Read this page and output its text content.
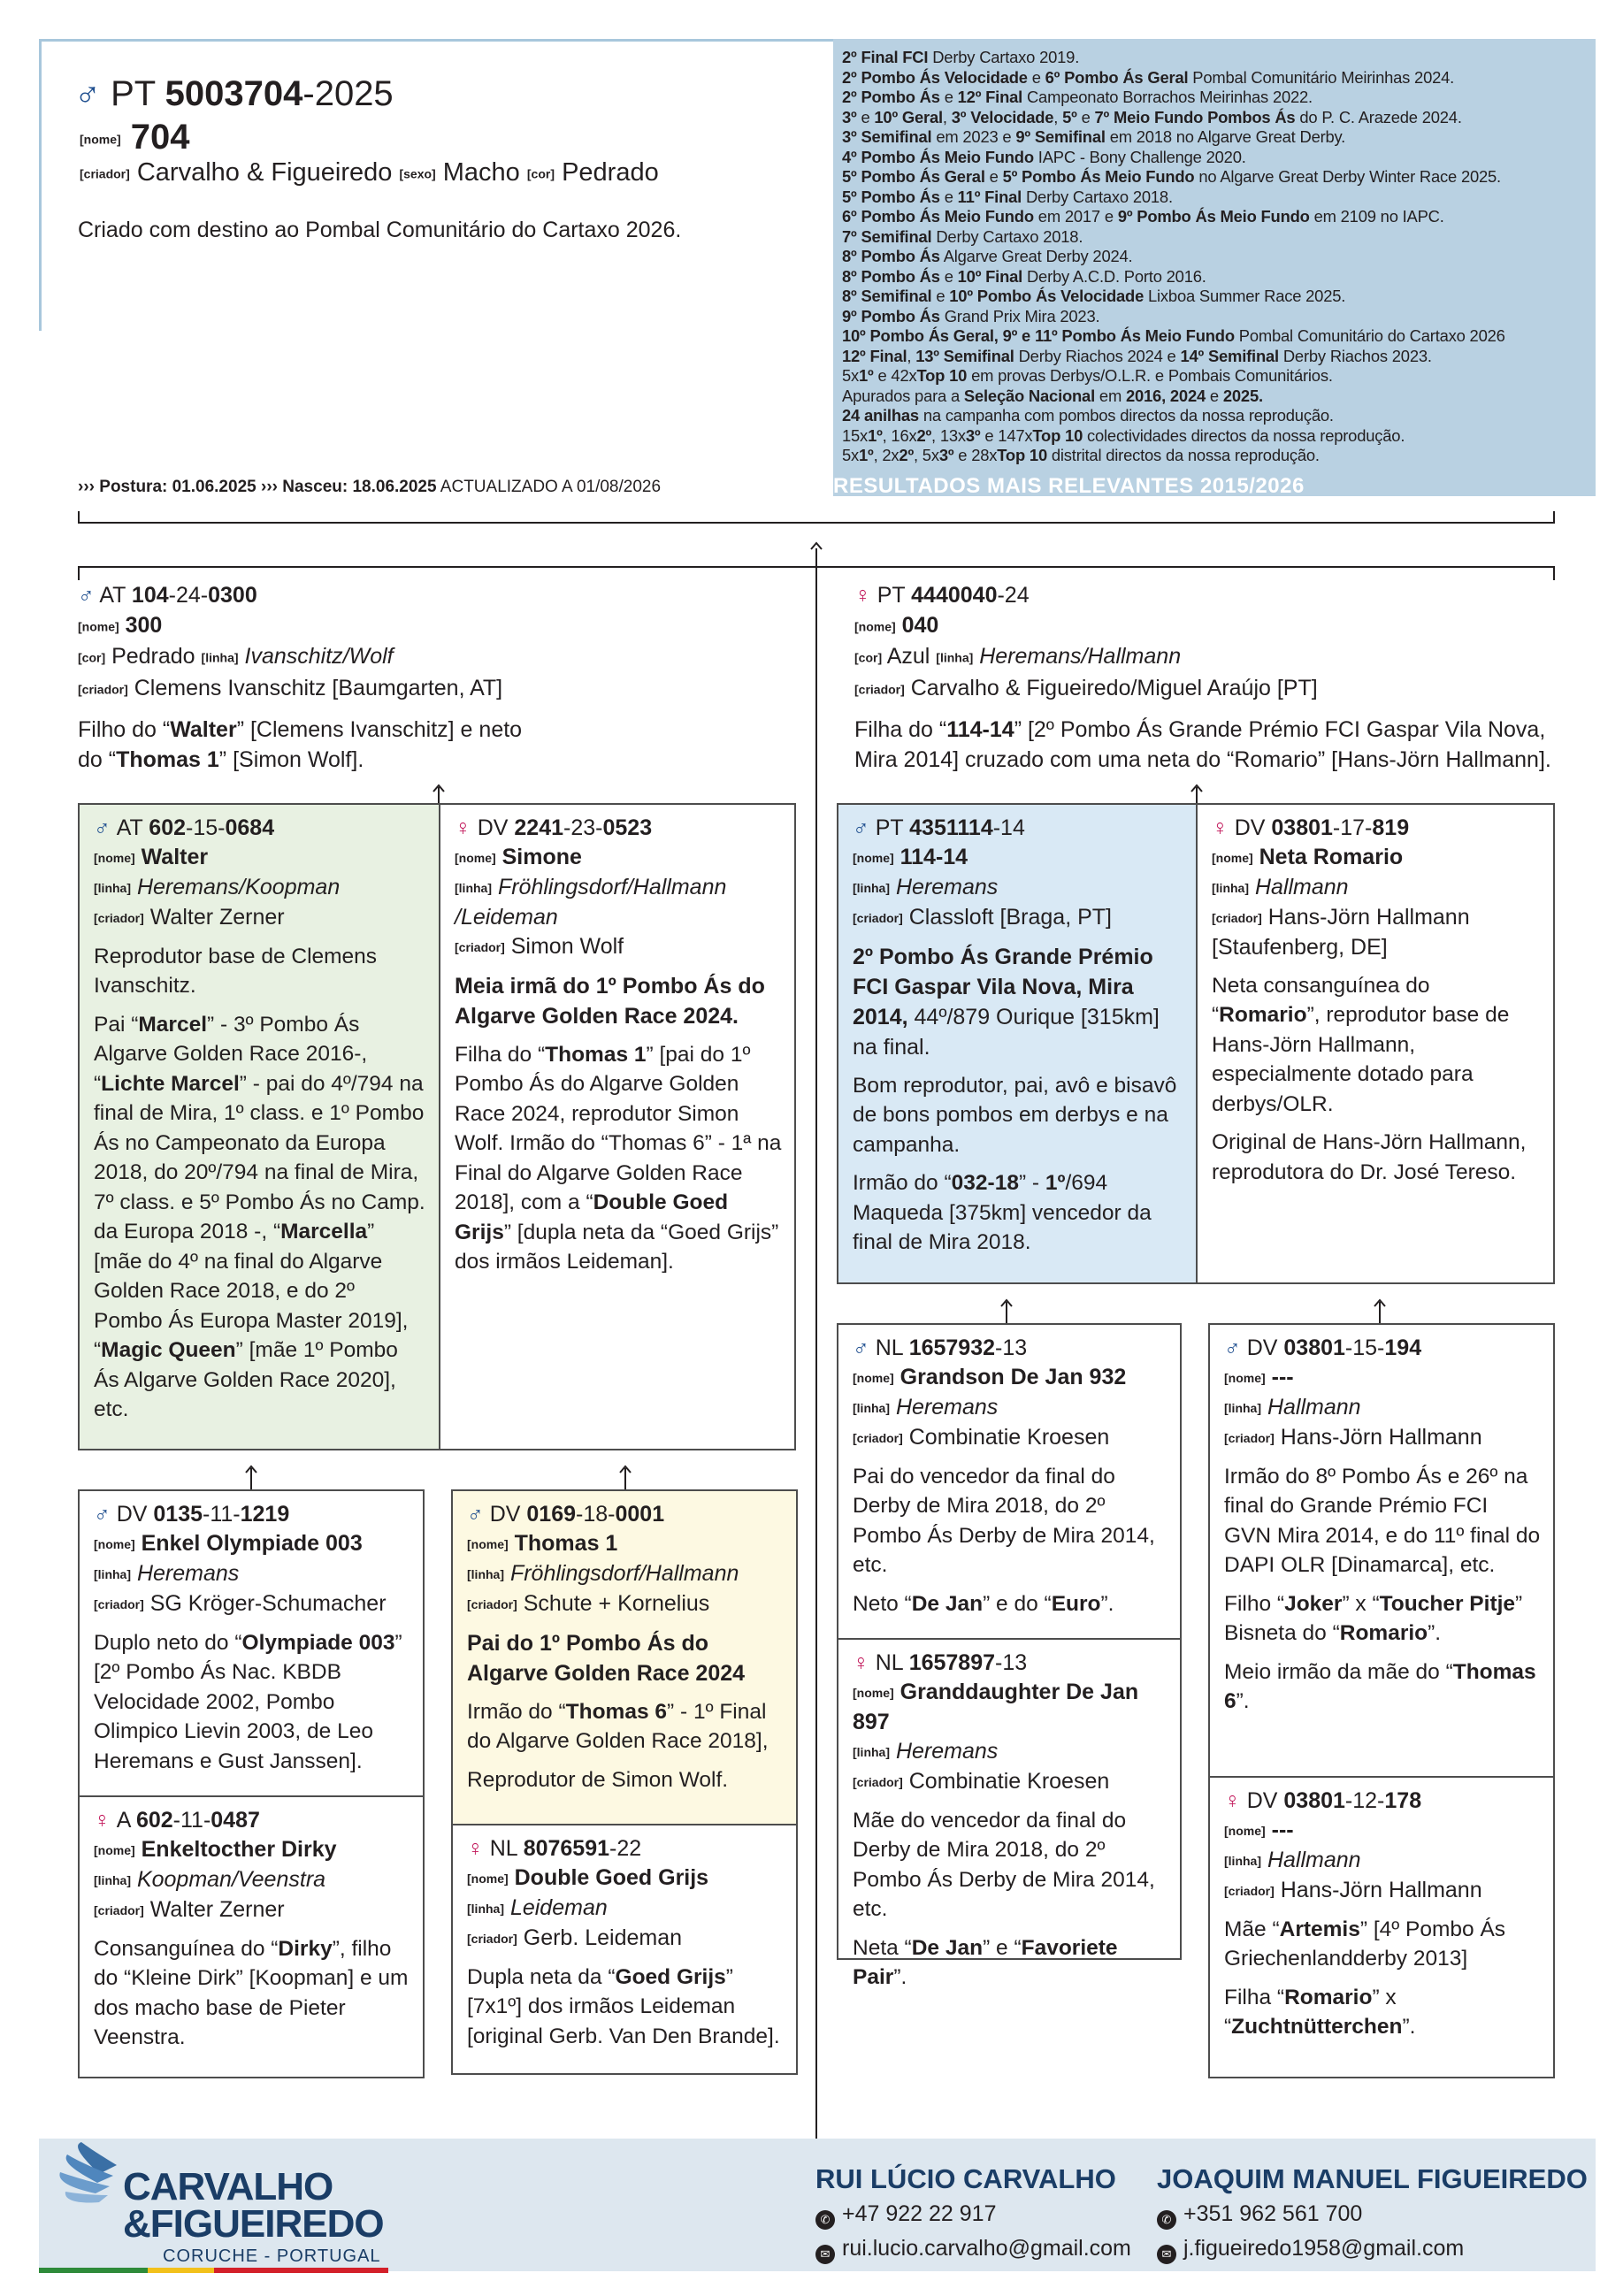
♂ PT 5003704-2025
[nome] 704
[criador] Carvalho & Figueiredo [sexo] Macho [cor] Pedrado
Criado com destino ao Pombal Comunitário do Cartaxo 2026.
››› Postura: 01.06.2025 ››› Nasceu: 18.06.2025 ACTUALIZADO A 01/08/2026
2º Final FCI Derby Cartaxo 2019.
2º Pombo Ás Velocidade e 6º Pombo Ás Geral Pombal Comunitário Meirinhas 2024.
2º Pombo Ás e 12º Final Campeonato Borrachos Meirinhas 2022.
3º e 10º Geral, 3º Velocidade, 5º e 7º Meio Fundo Pombos Ás do P. C. Arazede 2024.
3º Semifinal em 2023 e 9º Semifinal em 2018 no Algarve Great Derby.
4º Pombo Ás Meio Fundo IAPC - Bony Challenge 2020.
5º Pombo Ás Geral e 5º Pombo Ás Meio Fundo no Algarve Great Derby Winter Race 2025.
5º Pombo Ás e 11º Final Derby Cartaxo 2018.
6º Pombo Ás Meio Fundo em 2017 e 9º Pombo Ás Meio Fundo em 2109 no IAPC.
7º Semifinal Derby Cartaxo 2018.
8º Pombo Ás Algarve Great Derby 2024.
8º Pombo Ás e 10º Final Derby A.C.D. Porto 2016.
8º Semifinal e 10º Pombo Ás Velocidade Lixboa Summer Race 2025.
9º Pombo Ás Grand Prix Mira 2023.
10º Pombo Ás Geral, 9º e 11º Pombo Ás Meio Fundo Pombal Comunitário do Cartaxo 2026
12º Final, 13º Semifinal Derby Riachos 2024 e 14º Semifinal Derby Riachos 2023.
5x1º e 42xTop 10 em provas Derbys/O.L.R. e Pombais Comunitários.
Apurados para a Seleção Nacional em 2016, 2024 e 2025.
24 anilhas na campanha com pombos directos da nossa reprodução.
15x1º, 16x2º, 13x3º e 147xTop 10 colectividades directos da nossa reprodução.
5x1º, 2x2º, 5x3º e 28xTop 10 distrital directos da nossa reprodução.
RESULTADOS MAIS RELEVANTES 2015/2026
♂ AT 104-24-0300
[nome] 300
[cor] Pedrado [linha] Ivanschitz/Wolf
[criador] Clemens Ivanschitz [Baumgarten, AT]
Filho do “Walter” [Clemens Ivanschitz] e neto
do “Thomas 1” [Simon Wolf].
♀ PT 4440040-24
[nome] 040
[cor] Azul [linha] Heremans/Hallmann
[criador] Carvalho & Figueiredo/Miguel Araújo [PT]
Filha do “114-14” [2º Pombo Ás Grande Prémio FCI Gaspar Vila Nova,
Mira 2014] cruzado com uma neta do “Romario” [Hans-Jörn Hallmann].
♂ AT 602-15-0684
[nome] Walter
[linha] Heremans/Koopman
[criador] Walter Zerner
Reprodutor base de Clemens Ivanschitz.
Pai “Marcel” - 3º Pombo Ás Algarve Golden Race 2016-, “Lichte Marcel” - pai do 4º/794 na final de Mira, 1º class. e 1º Pombo Ás no Campeonato da Europa 2018, do 20º/794 na final de Mira, 7º class. e 5º Pombo Ás no Camp. da Europa 2018 -, “Marcella” [mãe do 4º na final do Algarve Golden Race 2018, e do 2º Pombo Ás Europa Master 2019], “Magic Queen” [mãe 1º Pombo Ás Algarve Golden Race 2020], etc.
♀ DV 2241-23-0523
[nome] Simone
[linha] Fröhlingsdorf/Hallmann /Leideman
[criador] Simon Wolf
Meia irmã do 1º Pombo Ás do Algarve Golden Race 2024.
Filha do “Thomas 1” [pai do 1º Pombo Ás do Algarve Golden Race 2024, reprodutor Simon Wolf. Irmão do “Thomas 6” - 1ª na Final do Algarve Golden Race 2018], com a “Double Goed Grijs” [dupla neta da “Goed Grijs” dos irmãos Leideman].
♂ PT 4351114-14
[nome] 114-14
[linha] Heremans
[criador] Classloft [Braga, PT]
2º Pombo Ás Grande Prémio FCI Gaspar Vila Nova, Mira 2014, 44º/879 Ourique [315km] na final.
Bom reprodutor, pai, avô e bisavô de bons pombos em derbys e na campanha.
Irmão do “032-18” - 1º/694 Maqueda [375km] vencedor da final de Mira 2018.
♀ DV 03801-17-819
[nome] Neta Romario
[linha] Hallmann
[criador] Hans-Jörn Hallmann [Staufenberg, DE]
Neta consanguínea do “Romario”, reprodutor base de Hans-Jörn Hallmann, especialmente dotado para derbys/OLR.
Original de Hans-Jörn Hallmann, reprodutora do Dr. José Tereso.
♂ DV 0135-11-1219
[nome] Enkel Olympiade 003
[linha] Heremans
[criador] SG Kröger-Schumacher
Duplo neto do “Olympiade 003” [2º Pombo Ás Nac. KBDB Velocidade 2002, Pombo Olimpico Lievin 2003, de Leo Heremans e Gust Janssen].
♀ A 602-11-0487
[nome] Enkeltocther Dirky
[linha] Koopman/Veenstra
[criador] Walter Zerner
Consanguínea do “Dirky”, filho do “Kleine Dirk” [Koopman] e um dos macho base de Pieter Veenstra.
♂ DV 0169-18-0001
[nome] Thomas 1
[linha] Fröhlingsdorf/Hallmann
[criador] Schute + Kornelius
Pai do 1º Pombo Ás do Algarve Golden Race 2024
Irmão do “Thomas 6” - 1º Final do Algarve Golden Race 2018],
Reprodutor de Simon Wolf.
♀ NL 8076591-22
[nome] Double Goed Grijs
[linha] Leideman
[criador] Gerb. Leideman
Dupla neta da “Goed Grijs” [7x1º] dos irmãos Leideman [original Gerb. Van Den Brande].
♂ NL 1657932-13
[nome] Grandson De Jan 932
[linha] Heremans
[criador] Combinatie Kroesen
Pai do vencedor da final do Derby de Mira 2018, do 2º Pombo Ás Derby de Mira 2014, etc.
Neto “De Jan” e do “Euro”.
♀ NL 1657897-13
[nome] Granddaughter De Jan 897
[linha] Heremans
[criador] Combinatie Kroesen
Mãe do vencedor da final do Derby de Mira 2018, do 2º Pombo Ás Derby de Mira 2014, etc.
Neta “De Jan” e “Favoriete Pair”.
♂ DV 03801-15-194
[nome] ---
[linha] Hallmann
[criador] Hans-Jörn Hallmann
Irmão do 8º Pombo Ás e 26º na final do Grande Prémio FCI GVN Mira 2014, e do 11º final do DAPI OLR [Dinamarca], etc.
Filho “Joker” x “Toucher Pitje” Bisneta do “Romario”.
Meio irmão da mãe do “Thomas 6”.
♀ DV 03801-12-178
[nome] ---
[linha] Hallmann
[criador] Hans-Jörn Hallmann
Mãe “Artemis” [4º Pombo Ás Griechenlandderby 2013]
Filha “Romario” x “Zuchtnütterchen”.
CARVALHO
&FIGUEIREDO
CORUCHE - PORTUGAL
RUI LÚCIO CARVALHO
✆ +47 922 22 917
✉ rui.lucio.carvalho@gmail.com
JOAQUIM MANUEL FIGUEIREDO
✆ +351 962 561 700
✉ j.figueiredo1958@gmail.com
